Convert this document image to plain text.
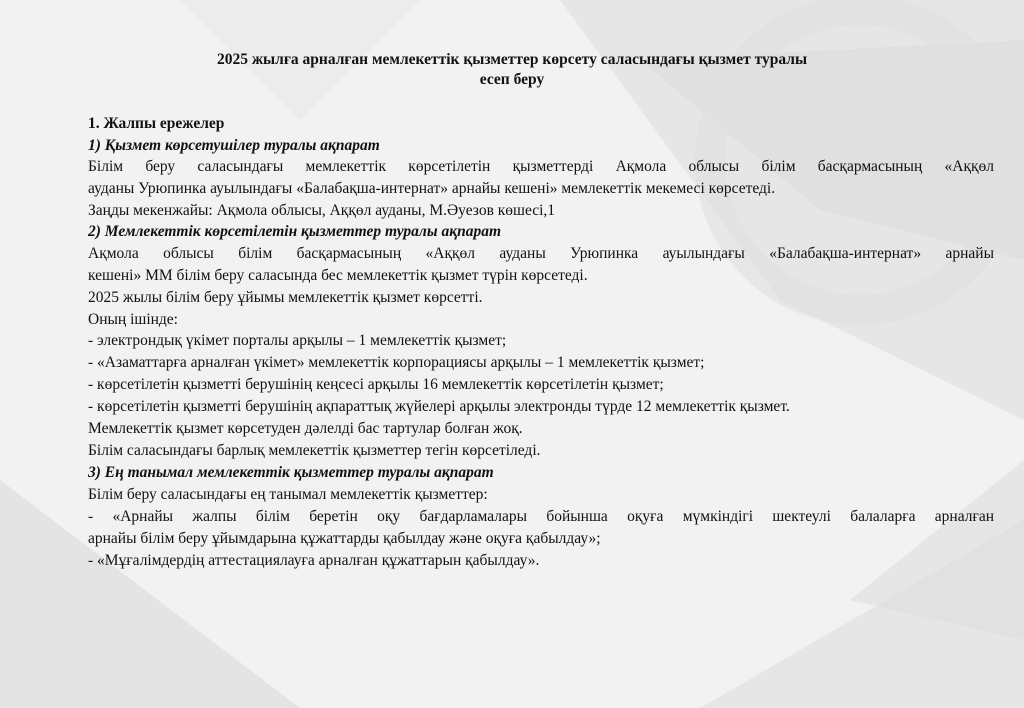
2025 жылға арналған мемлекеттік қызметтер көрсету саласындағы қызмет туралы
есеп беру
1. Жалпы ережелер
1) Қызмет көрсетушілер туралы ақпарат
Білім беру саласындағы мемлекеттік көрсетілетін қызметтерді Ақмола облысы білім басқармасының «Аққөл
ауданы Урюпинка ауылындағы «Балабақша-интернат» арнайы кешені» мемлекеттік мекемесі көрсетеді.
Заңды мекенжайы: Ақмола облысы, Аққөл ауданы, М.Әуезов көшесі,1
2) Мемлекеттік көрсетілетін қызметтер туралы ақпарат
Ақмола облысы білім басқармасының «Аққөл ауданы Урюпинка ауылындағы «Балабақша-интернат» арнайы
кешені» ММ білім беру саласында бес мемлекеттік қызмет түрін көрсетеді.
2025 жылы білім беру ұйымы мемлекеттік қызмет көрсетті.
Оның ішінде:
- электрондық үкімет порталы арқылы – 1 мемлекеттік қызмет;
- «Азаматтарға арналған үкімет» мемлекеттік корпорациясы арқылы – 1 мемлекеттік қызмет;
- көрсетілетін қызметті берушінің кеңсесі арқылы 16 мемлекеттік көрсетілетін қызмет;
- көрсетілетін қызметті берушінің ақпараттық жүйелері арқылы электронды түрде 12 мемлекеттік қызмет.
Мемлекеттік қызмет көрсетуден дәлелді бас тартулар болған жоқ.
Білім саласындағы барлық мемлекеттік қызметтер тегін көрсетіледі.
3) Ең танымал мемлекеттік қызметтер туралы ақпарат
Білім беру саласындағы ең танымал мемлекеттік қызметтер:
- «Арнайы жалпы білім беретін оқу бағдарламалары бойынша оқуға мүмкіндігі шектеулі балаларға арналған
арнайы білім беру ұйымдарына құжаттарды қабылдау және оқуға қабылдау»;
- «Мұғалімдердің аттестациялауға арналған құжаттарын қабылдау».
